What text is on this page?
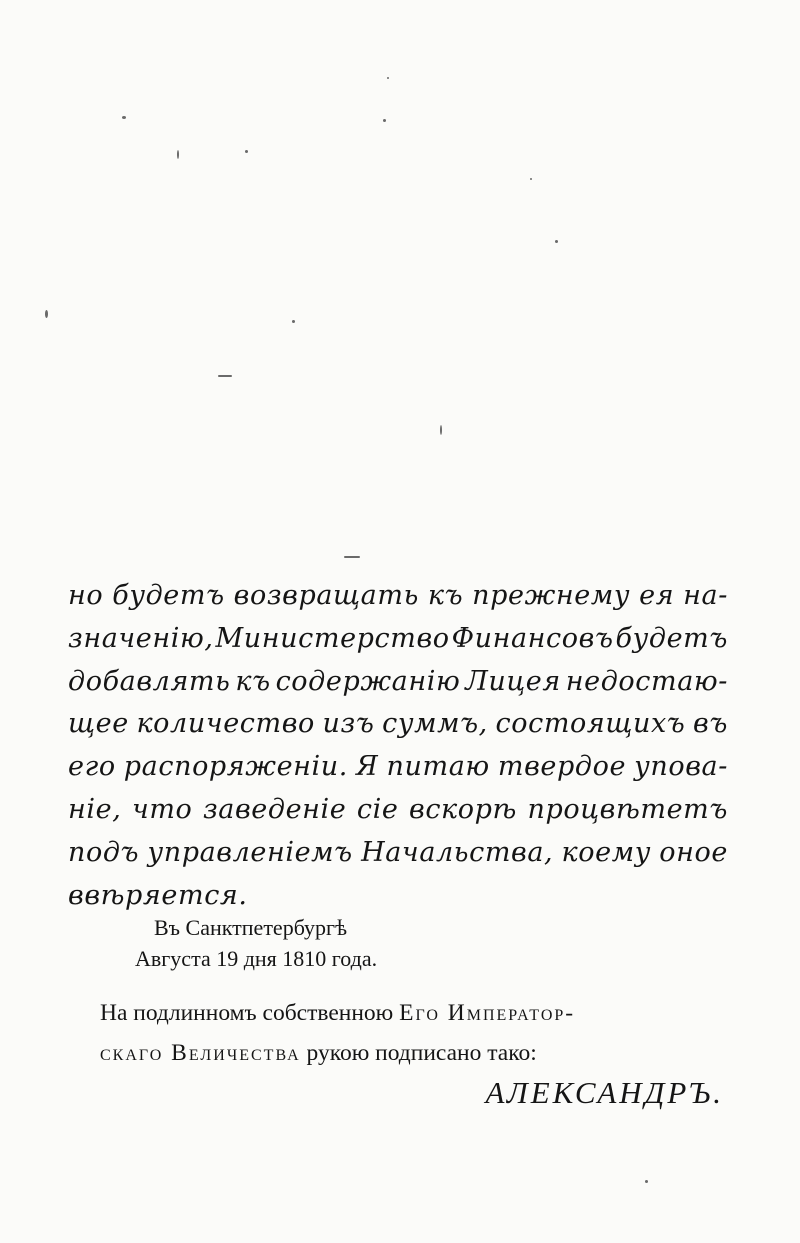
но будетъ возвращать къ прежнему ея на-
значенію, Министерство Финансовъ будетъ
добавлять къ содержанію Лицея недостаю-
щее количество изъ суммъ, состоящихъ въ
его распоряженіи. Я питаю твердое упова-
ніе, что заведеніе сіе вскорѣ процвѣтетъ
подъ управленіемъ Начальства, коему оное
ввѣряется.
Въ Санктпетербургѣ
Августа 19 дня 1810 года.
На подлинномъ собственною Его Император-
скаго Величества рукою подписано тако:
АЛЕКСАНДРЪ.
